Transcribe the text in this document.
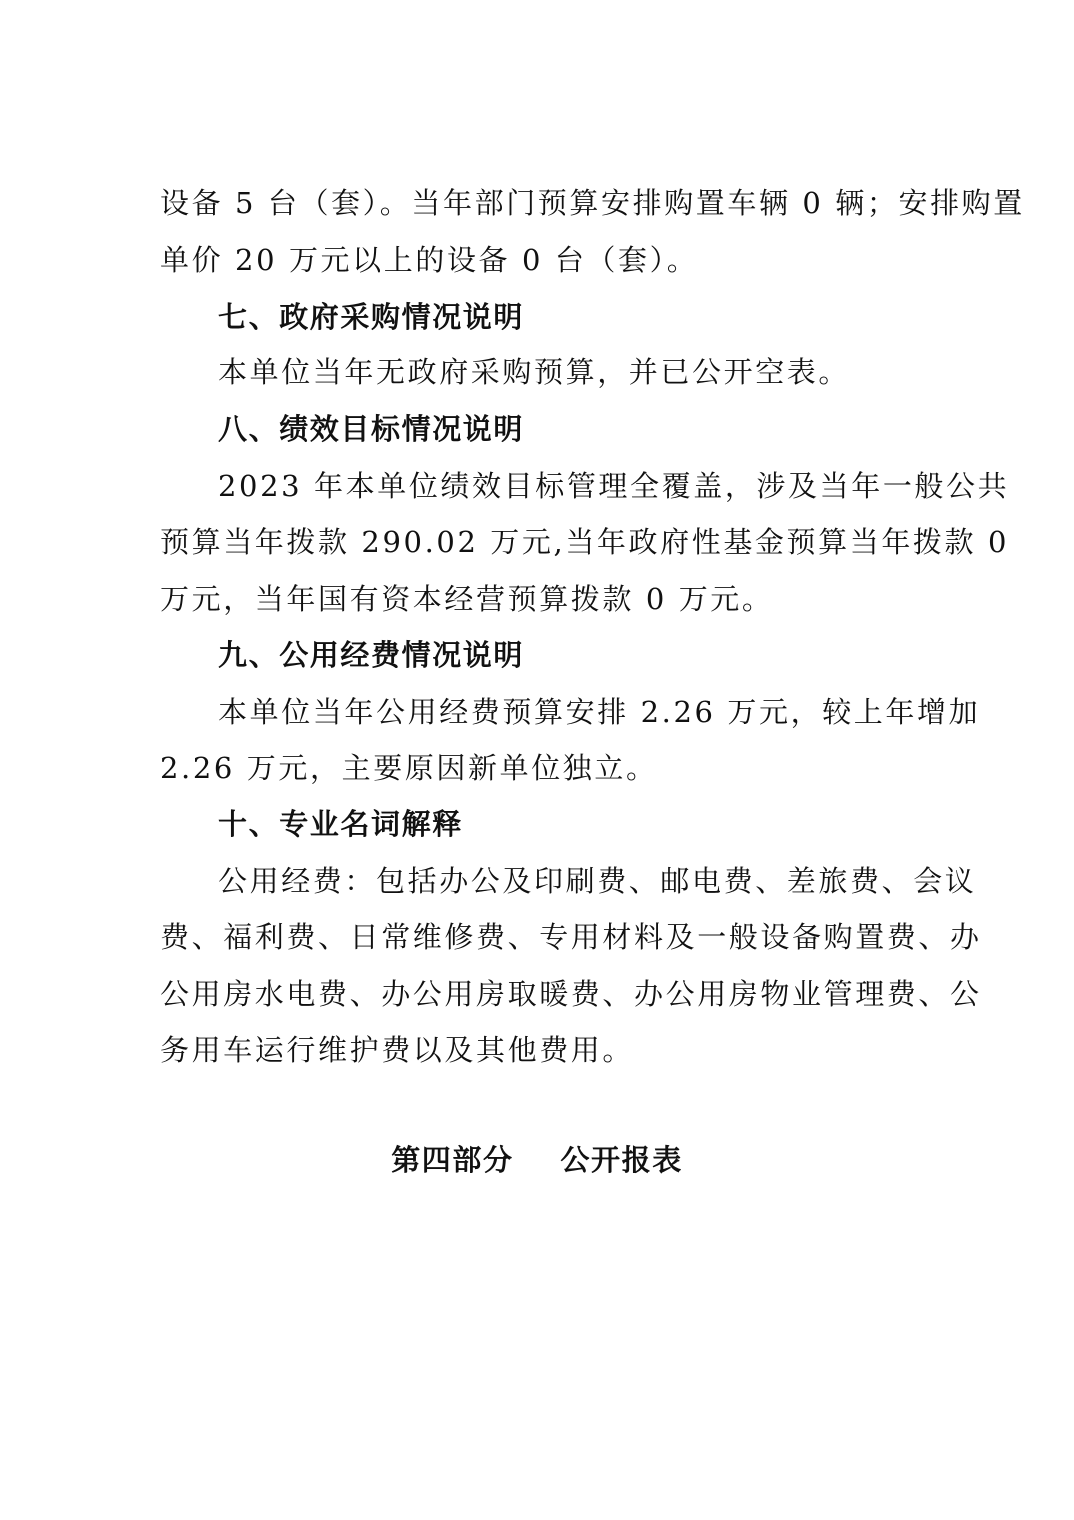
设备 5 台（套）。当年部门预算安排购置车辆 0 辆；安排购置
单价 20 万元以上的设备 0 台（套）。
七、政府采购情况说明
本单位当年无政府采购预算，并已公开空表。
八、绩效目标情况说明
2023 年本单位绩效目标管理全覆盖，涉及当年一般公共
预算当年拨款 290.02 万元,当年政府性基金预算当年拨款 0
万元，当年国有资本经营预算拨款 0 万元。
九、公用经费情况说明
本单位当年公用经费预算安排 2.26 万元，较上年增加
2.26 万元，主要原因新单位独立。
十、专业名词解释
公用经费：包括办公及印刷费、邮电费、差旅费、会议
费、福利费、日常维修费、专用材料及一般设备购置费、办
公用房水电费、办公用房取暖费、办公用房物业管理费、公
务用车运行维护费以及其他费用。
第四部分    公开报表
